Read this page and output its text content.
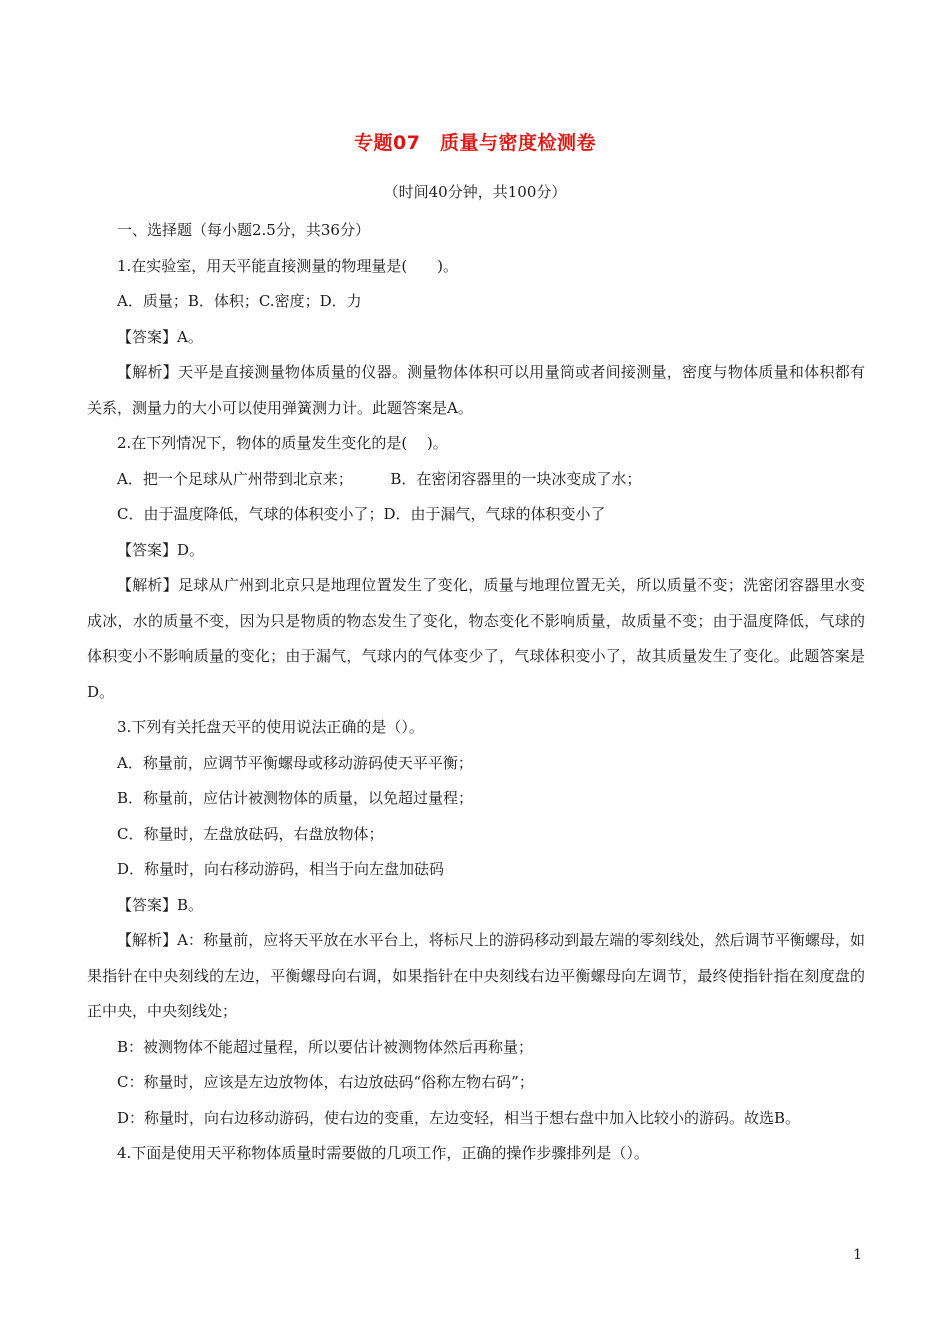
专题07　质量与密度检测卷
（时间40分钟，共100分）

一、选择题（每小题2.5分，共36分）

1.在实验室，用天平能直接测量的物理量是(　　)。

A．质量；B．体积；C.密度；D．力

【答案】A。

【解析】天平是直接测量物体质量的仪器。测量物体体积可以用量筒或者间接测量，密度与物体质量和体积都有关系，测量力的大小可以使用弹簧测力计。此题答案是A。

2.在下列情况下，物体的质量发生变化的是(　 )。

A．把一个足球从广州带到北京来；　　　B．在密闭容器里的一块冰变成了水；

C．由于温度降低，气球的体积变小了；D．由于漏气，气球的体积变小了

【答案】D。

【解析】足球从广州到北京只是地理位置发生了变化，质量与地理位置无关，所以质量不变；洗密闭容器里水变成冰，水的质量不变，因为只是物质的物态发生了变化，物态变化不影响质量，故质量不变；由于温度降低，气球的体积变小不影响质量的变化；由于漏气，气球内的气体变少了，气球体积变小了，故其质量发生了变化。此题答案是D。

3.下列有关托盘天平的使用说法正确的是（）。

A．称量前，应调节平衡螺母或移动游码使天平平衡；

B．称量前，应估计被测物体的质量，以免超过量程；

C．称量时，左盘放砝码，右盘放物体；

D．称量时，向右移动游码，相当于向左盘加砝码

【答案】B。

【解析】A：称量前，应将天平放在水平台上，将标尺上的游码移动到最左端的零刻线处，然后调节平衡螺母，如果指针在中央刻线的左边，平衡螺母向右调，如果指针在中央刻线右边平衡螺母向左调节，最终使指针指在刻度盘的正中央，中央刻线处；

B：被测物体不能超过量程，所以要估计被测物体然后再称量；

C：称量时，应该是左边放物体，右边放砝码“俗称左物右码”；

D：称量时，向右边移动游码，使右边的变重，左边变轻，相当于想右盘中加入比较小的游码。故选B。

4.下面是使用天平称物体质量时需要做的几项工作，正确的操作步骤排列是（）。

1
